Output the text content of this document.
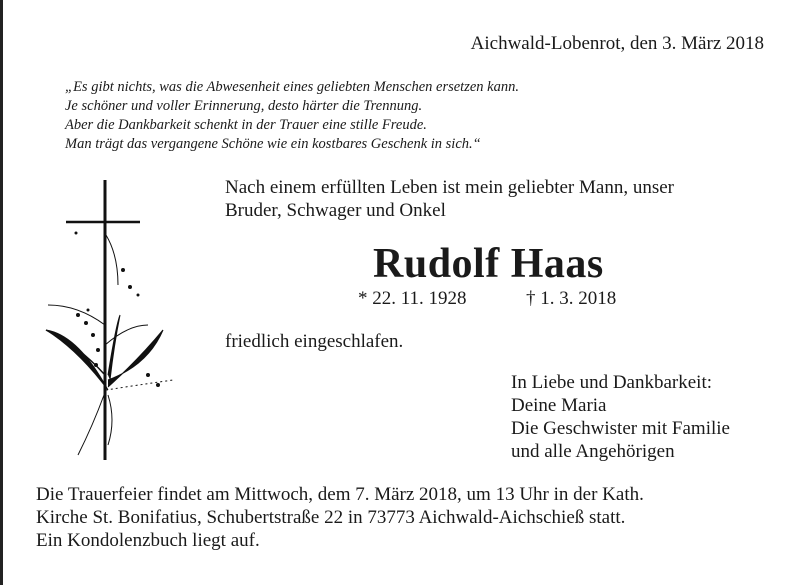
Aichwald-Lobenrot, den 3. März 2018
„Es gibt nichts, was die Abwesenheit eines geliebten Menschen ersetzen kann.
Je schöner und voller Erinnerung, desto härter die Trennung.
Aber die Dankbarkeit schenkt in der Trauer eine stille Freude.
Man trägt das vergangene Schöne wie ein kostbares Geschenk in sich.“
Nach einem erfüllten Leben ist mein geliebter Mann, unser
Bruder, Schwager und Onkel
Rudolf Haas
* 22. 11. 1928	† 1. 3. 2018
friedlich eingeschlafen.
In Liebe und Dankbarkeit:
Deine Maria
Die Geschwister mit Familie
und alle Angehörigen
Die Trauerfeier findet am Mittwoch, dem 7. März 2018, um 13 Uhr in der Kath.
Kirche St. Bonifatius, Schubertstraße 22 in 73773 Aichwald-Aichschieß statt.
Ein Kondolenzbuch liegt auf.
